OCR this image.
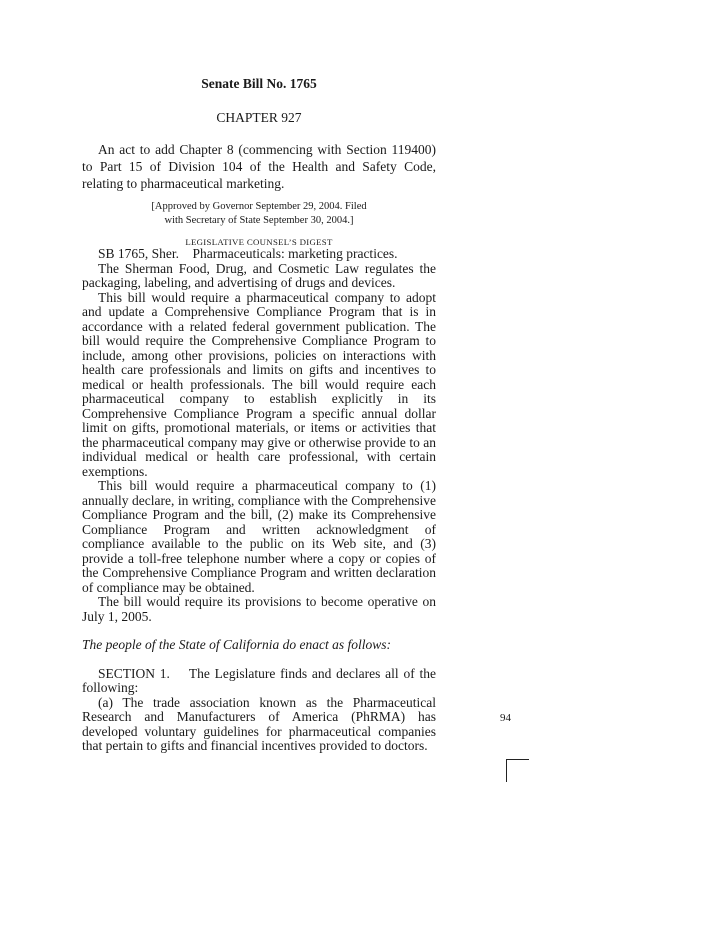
Senate Bill No. 1765
CHAPTER 927

An act to add Chapter 8 (commencing with Section 119400) to Part 15 of Division 104 of the Health and Safety Code, relating to pharmaceutical marketing.

[Approved by Governor September 29, 2004. Filed
with Secretary of State September 30, 2004.]
LEGISLATIVE COUNSEL’S DIGEST

SB 1765, Sher.    Pharmaceuticals: marketing practices.

The Sherman Food, Drug, and Cosmetic Law regulates the packaging, labeling, and advertising of drugs and devices.

This bill would require a pharmaceutical company to adopt and update a Comprehensive Compliance Program that is in accordance with a related federal government publication. The bill would require the Comprehensive Compliance Program to include, among other provisions, policies on interactions with health care professionals and limits on gifts and incentives to medical or health professionals. The bill would require each pharmaceutical company to establish explicitly in its Comprehensive Compliance Program a specific annual dollar limit on gifts, promotional materials, or items or activities that the pharmaceutical company may give or otherwise provide to an individual medical or health care professional, with certain exemptions.

This bill would require a pharmaceutical company to (1) annually declare, in writing, compliance with the Comprehensive Compliance Program and the bill, (2) make its Comprehensive Compliance Program and written acknowledgment of compliance available to the public on its Web site, and (3) provide a toll-free telephone number where a copy or copies of the Comprehensive Compliance Program and written declaration of compliance may be obtained.

The bill would require its provisions to become operative on July 1, 2005.

The people of the State of California do enact as follows:

SECTION 1.    The Legislature finds and declares all of the following:

(a) The trade association known as the Pharmaceutical Research and Manufacturers of America (PhRMA) has developed voluntary guidelines for pharmaceutical companies that pertain to gifts and financial incentives provided to doctors.

94
